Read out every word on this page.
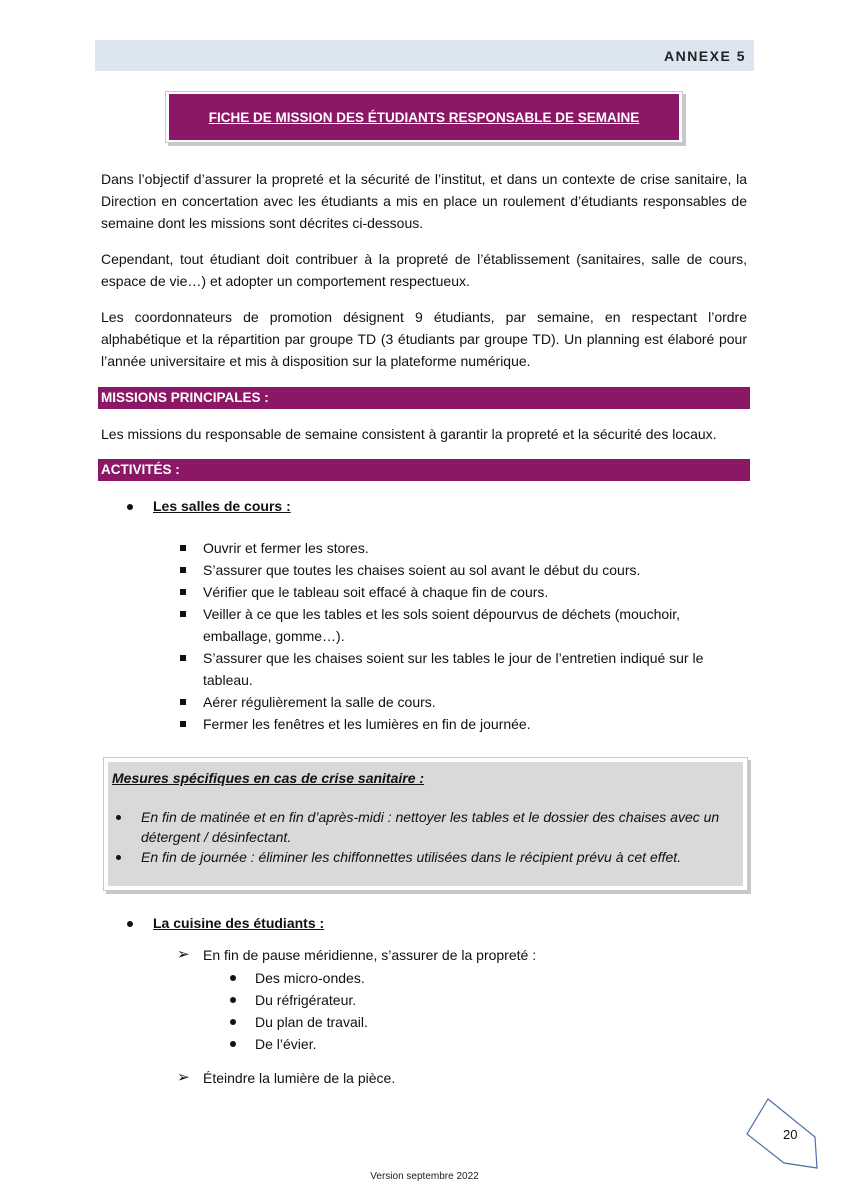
ANNEXE 5
FICHE DE MISSION DES ÉTUDIANTS RESPONSABLE DE SEMAINE

Dans l’objectif d’assurer la propreté et la sécurité de l’institut, et dans un contexte de crise sanitaire, la Direction en concertation avec les étudiants a mis en place un roulement d’étudiants responsables de semaine dont les missions sont décrites ci-dessous.

Cependant, tout étudiant doit contribuer à la propreté de l’établissement (sanitaires, salle de cours, espace de vie…) et adopter un comportement respectueux.

Les coordonnateurs de promotion désignent 9 étudiants, par semaine, en respectant l’ordre alphabétique et la répartition par groupe TD (3 étudiants par groupe TD). Un planning est élaboré pour l’année universitaire et mis à disposition sur la plateforme numérique.

MISSIONS PRINCIPALES :

Les missions du responsable de semaine consistent à garantir la propreté et la sécurité des locaux.

ACTIVITÉS :
Les salles de cours :
Ouvrir et fermer les stores.
S’assurer que toutes les chaises soient au sol avant le début du cours.
Vérifier que le tableau soit effacé à chaque fin de cours.
Veiller à ce que les tables et les sols soient dépourvus de déchets (mouchoir,
emballage, gomme…).
S’assurer que les chaises soient sur les tables le jour de l’entretien indiqué sur le
tableau.
Aérer régulièrement la salle de cours.
Fermer les fenêtres et les lumières en fin de journée.
Mesures spécifiques en cas de crise sanitaire :
En fin de matinée et en fin d’après-midi : nettoyer les tables et le dossier des chaises avec un
détergent / désinfectant.
En fin de journée : éliminer les chiffonnettes utilisées dans le récipient prévu à cet effet.
La cuisine des étudiants :
➢ En fin de pause méridienne, s’assurer de la propreté :
Des micro-ondes.
Du réfrigérateur.
Du plan de travail.
De l’évier.
➢ Éteindre la lumière de la pièce.
20
Version septembre 2022
